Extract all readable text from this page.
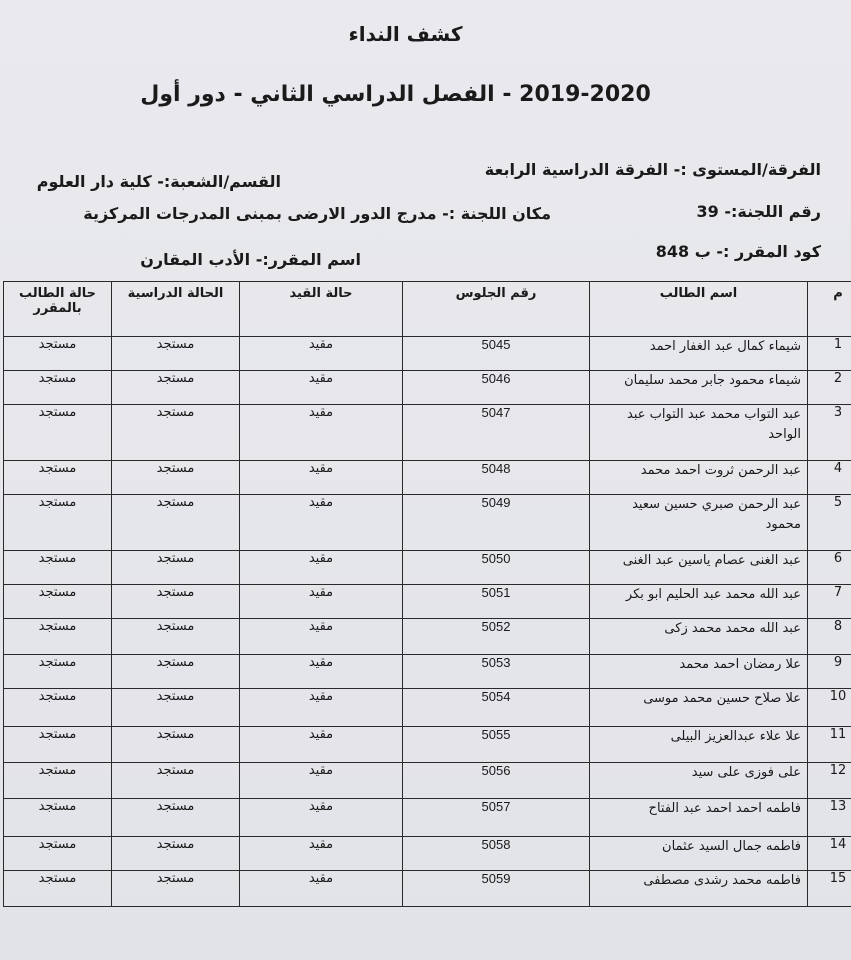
كشف النداء
2019-2020 - الفصل الدراسي الثاني - دور أول
الفرقة/المستوى :- الفرقة الدراسية الرابعة
القسم/الشعبة:- كلية دار العلوم
رقم اللجنة:- 39
مكان اللجنة :- مدرج الدور الارضى بمبنى المدرجات المركزية
كود المقرر :- ب 848
اسم المقرر:- الأدب المقارن
م	اسم الطالب	رقم الجلوس	حالة القيد	الحالة الدراسية	حالة الطالب بالمقرر
1	شيماء كمال عبد الغفار احمد	5045	مقيد	مستجد	مستجد
2	شيماء محمود جابر محمد سليمان	5046	مقيد	مستجد	مستجد
3	عبد التواب محمد عبد التواب عبد الواحد	5047	مقيد	مستجد	مستجد
4	عبد الرحمن ثروت احمد محمد	5048	مقيد	مستجد	مستجد
5	عبد الرحمن صبري حسين سعيد محمود	5049	مقيد	مستجد	مستجد
6	عبد الغنى عصام ياسين عبد الغنى	5050	مقيد	مستجد	مستجد
7	عبد الله محمد عبد الحليم ابو بكر	5051	مقيد	مستجد	مستجد
8	عبد الله محمد محمد زكى	5052	مقيد	مستجد	مستجد
9	علا رمضان احمد محمد	5053	مقيد	مستجد	مستجد
10	علا صلاح حسين محمد موسى	5054	مقيد	مستجد	مستجد
11	علا علاء عبدالعزيز البيلى	5055	مقيد	مستجد	مستجد
12	على فوزى على سيد	5056	مقيد	مستجد	مستجد
13	فاطمه احمد احمد عبد الفتاح	5057	مقيد	مستجد	مستجد
14	فاطمه جمال السيد عثمان	5058	مقيد	مستجد	مستجد
15	فاطمه محمد رشدى مصطفى	5059	مقيد	مستجد	مستجد
